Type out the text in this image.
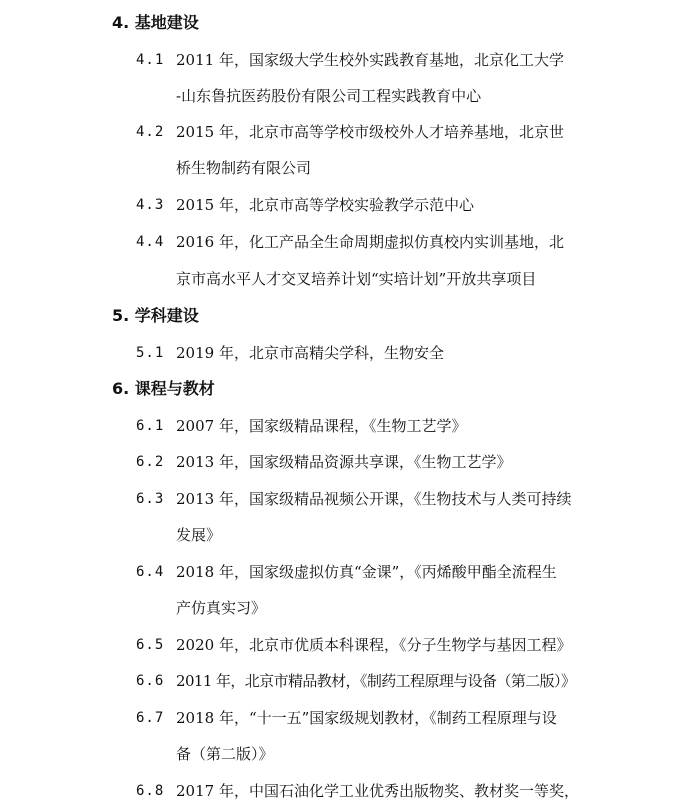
4. 基地建设
4.1 2011 年，国家级大学生校外实践教育基地，北京化工大学
-山东鲁抗医药股份有限公司工程实践教育中心
4.2 2015 年，北京市高等学校市级校外人才培养基地，北京世
桥生物制药有限公司
4.3 2015 年，北京市高等学校实验教学示范中心
4.4 2016 年，化工产品全生命周期虚拟仿真校内实训基地，北
京市高水平人才交叉培养计划“实培计划”开放共享项目
5. 学科建设
5.1 2019 年，北京市高精尖学科，生物安全
6. 课程与教材
6.1 2007 年，国家级精品课程，《生物工艺学》
6.2 2013 年，国家级精品资源共享课，《生物工艺学》
6.3 2013 年，国家级精品视频公开课，《生物技术与人类可持续
发展》
6.4 2018 年，国家级虚拟仿真“金课”，《丙烯酸甲酯全流程生
产仿真实习》
6.5 2020 年，北京市优质本科课程，《分子生物学与基因工程》
6.6 2011 年，北京市精品教材，《制药工程原理与设备（第二版）》
6.7 2018 年，“十一五”国家级规划教材，《制药工程原理与设
备（第二版）》
6.8 2017 年，中国石油化学工业优秀出版物奖、教材奖一等奖，
